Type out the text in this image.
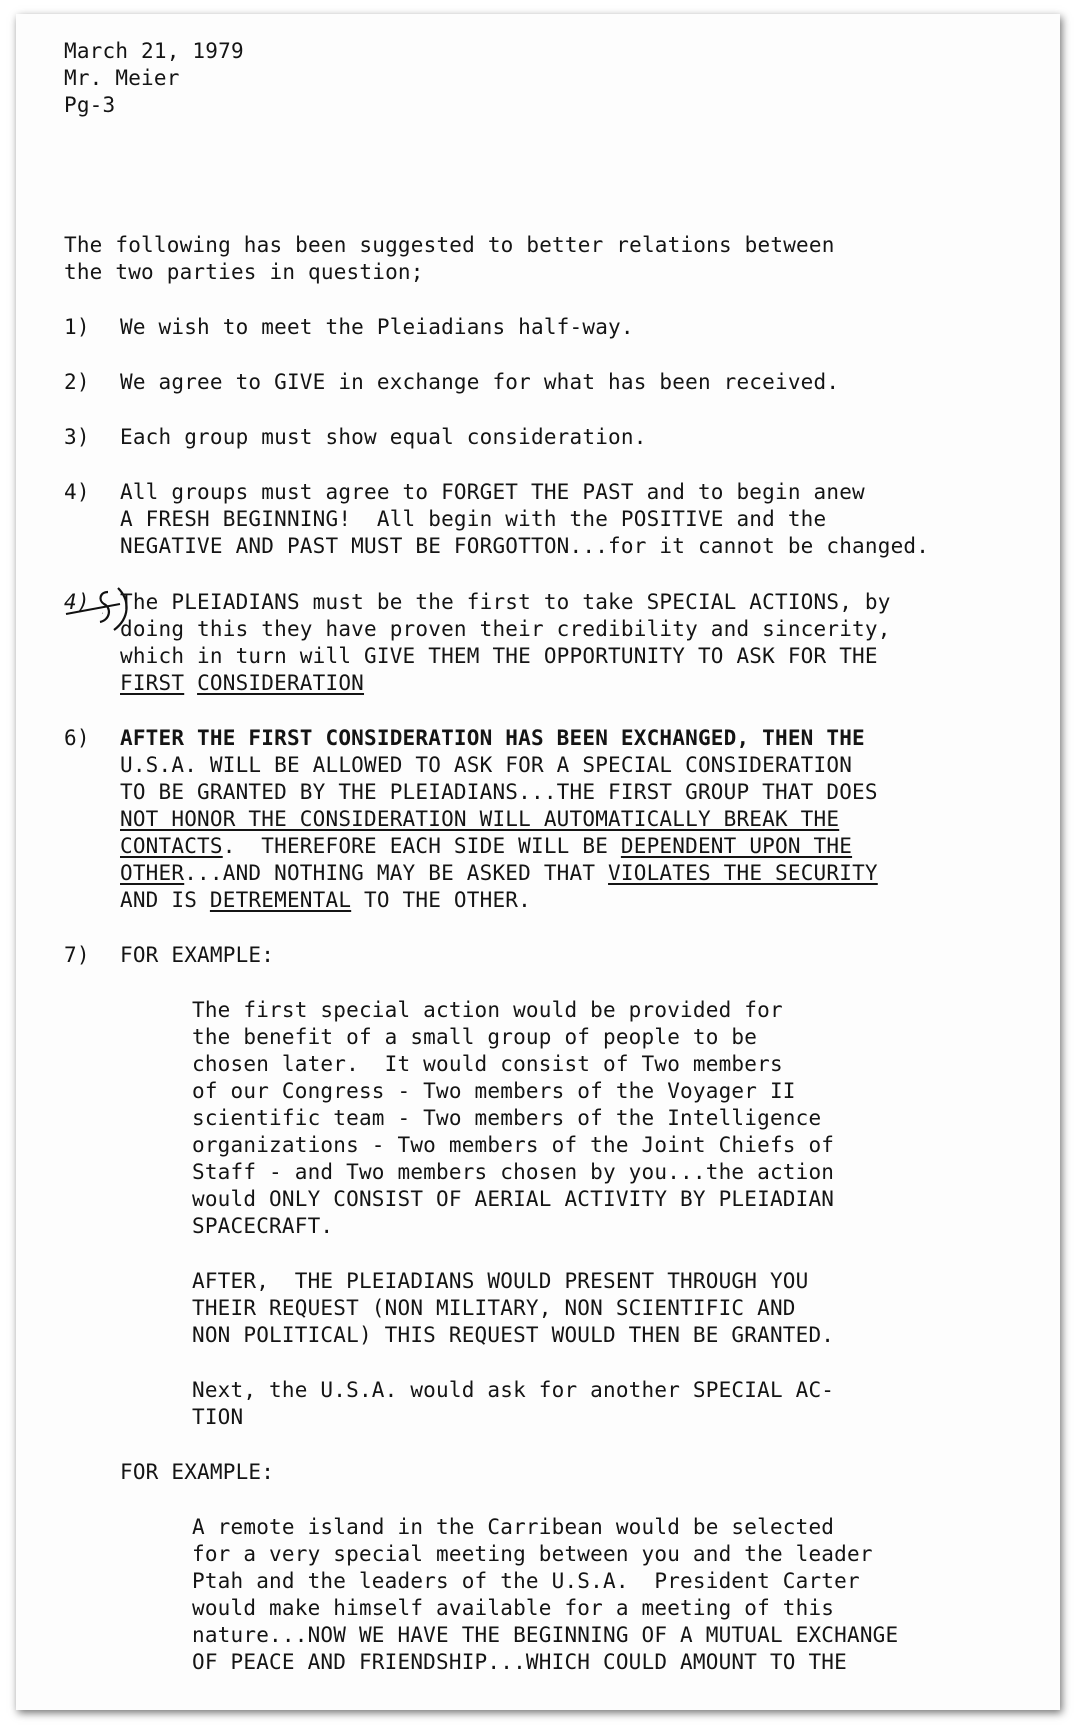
March 21, 1979
Mr. Meier
Pg-3
The following has been suggested to better relations between
the two parties in question;
1) We wish to meet the Pleiadians half-way.
2) We agree to GIVE in exchange for what has been received.
3) Each group must show equal consideration.
4) All groups must agree to FORGET THE PAST and to begin anew
A FRESH BEGINNING!  All begin with the POSITIVE and the
NEGATIVE AND PAST MUST BE FORGOTTON...for it cannot be changed.
4)	5 The PLEIADIANS must be the first to take SPECIAL ACTIONS, by
doing this they have proven their credibility and sincerity,
which in turn will GIVE THEM THE OPPORTUNITY TO ASK FOR THE
FIRST CONSIDERATION
6) AFTER THE FIRST CONSIDERATION HAS BEEN EXCHANGED, THEN THE
U.S.A. WILL BE ALLOWED TO ASK FOR A SPECIAL CONSIDERATION
TO BE GRANTED BY THE PLEIADIANS...THE FIRST GROUP THAT DOES
NOT HONOR THE CONSIDERATION WILL AUTOMATICALLY BREAK THE
CONTACTS.  THEREFORE EACH SIDE WILL BE DEPENDENT UPON THE
OTHER...AND NOTHING MAY BE ASKED THAT VIOLATES THE SECURITY
AND IS DETREMENTAL TO THE OTHER.
7) FOR EXAMPLE:
The first special action would be provided for
the benefit of a small group of people to be
chosen later.  It would consist of Two members
of our Congress - Two members of the Voyager II
scientific team - Two members of the Intelligence
organizations - Two members of the Joint Chiefs of
Staff - and Two members chosen by you...the action
would ONLY CONSIST OF AERIAL ACTIVITY BY PLEIADIAN
SPACECRAFT.
AFTER,  THE PLEIADIANS WOULD PRESENT THROUGH YOU
THEIR REQUEST (NON MILITARY, NON SCIENTIFIC AND
NON POLITICAL) THIS REQUEST WOULD THEN BE GRANTED.
Next, the U.S.A. would ask for another SPECIAL AC-
TION
FOR EXAMPLE:
A remote island in the Carribean would be selected
for a very special meeting between you and the leader
Ptah and the leaders of the U.S.A.  President Carter
would make himself available for a meeting of this
nature...NOW WE HAVE THE BEGINNING OF A MUTUAL EXCHANGE
OF PEACE AND FRIENDSHIP...WHICH COULD AMOUNT TO THE
